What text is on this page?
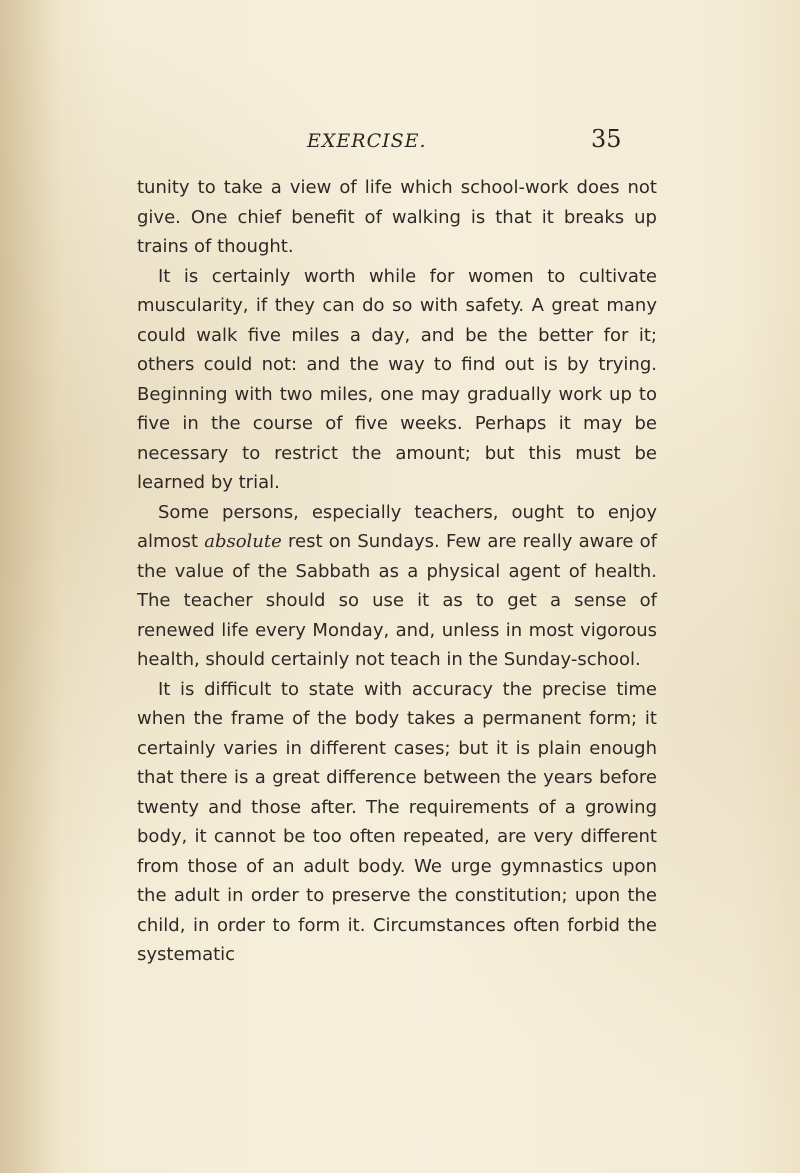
EXERCISE.	35

tunity to take a view of life which school-work does not give. One chief benefit of walking is that it breaks up trains of thought.

It is certainly worth while for women to cultivate muscularity, if they can do so with safety. A great many could walk five miles a day, and be the better for it; others could not: and the way to find out is by trying. Beginning with two miles, one may gradually work up to five in the course of five weeks. Perhaps it may be necessary to restrict the amount; but this must be learned by trial.

Some persons, especially teachers, ought to enjoy almost absolute rest on Sundays. Few are really aware of the value of the Sabbath as a physical agent of health. The teacher should so use it as to get a sense of renewed life every Monday, and, unless in most vigorous health, should certainly not teach in the Sunday-school.

It is difficult to state with accuracy the precise time when the frame of the body takes a permanent form; it certainly varies in different cases; but it is plain enough that there is a great difference between the years before twenty and those after. The requirements of a growing body, it cannot be too often repeated, are very different from those of an adult body. We urge gymnastics upon the adult in order to preserve the constitution; upon the child, in order to form it. Circumstances often forbid the systematic
